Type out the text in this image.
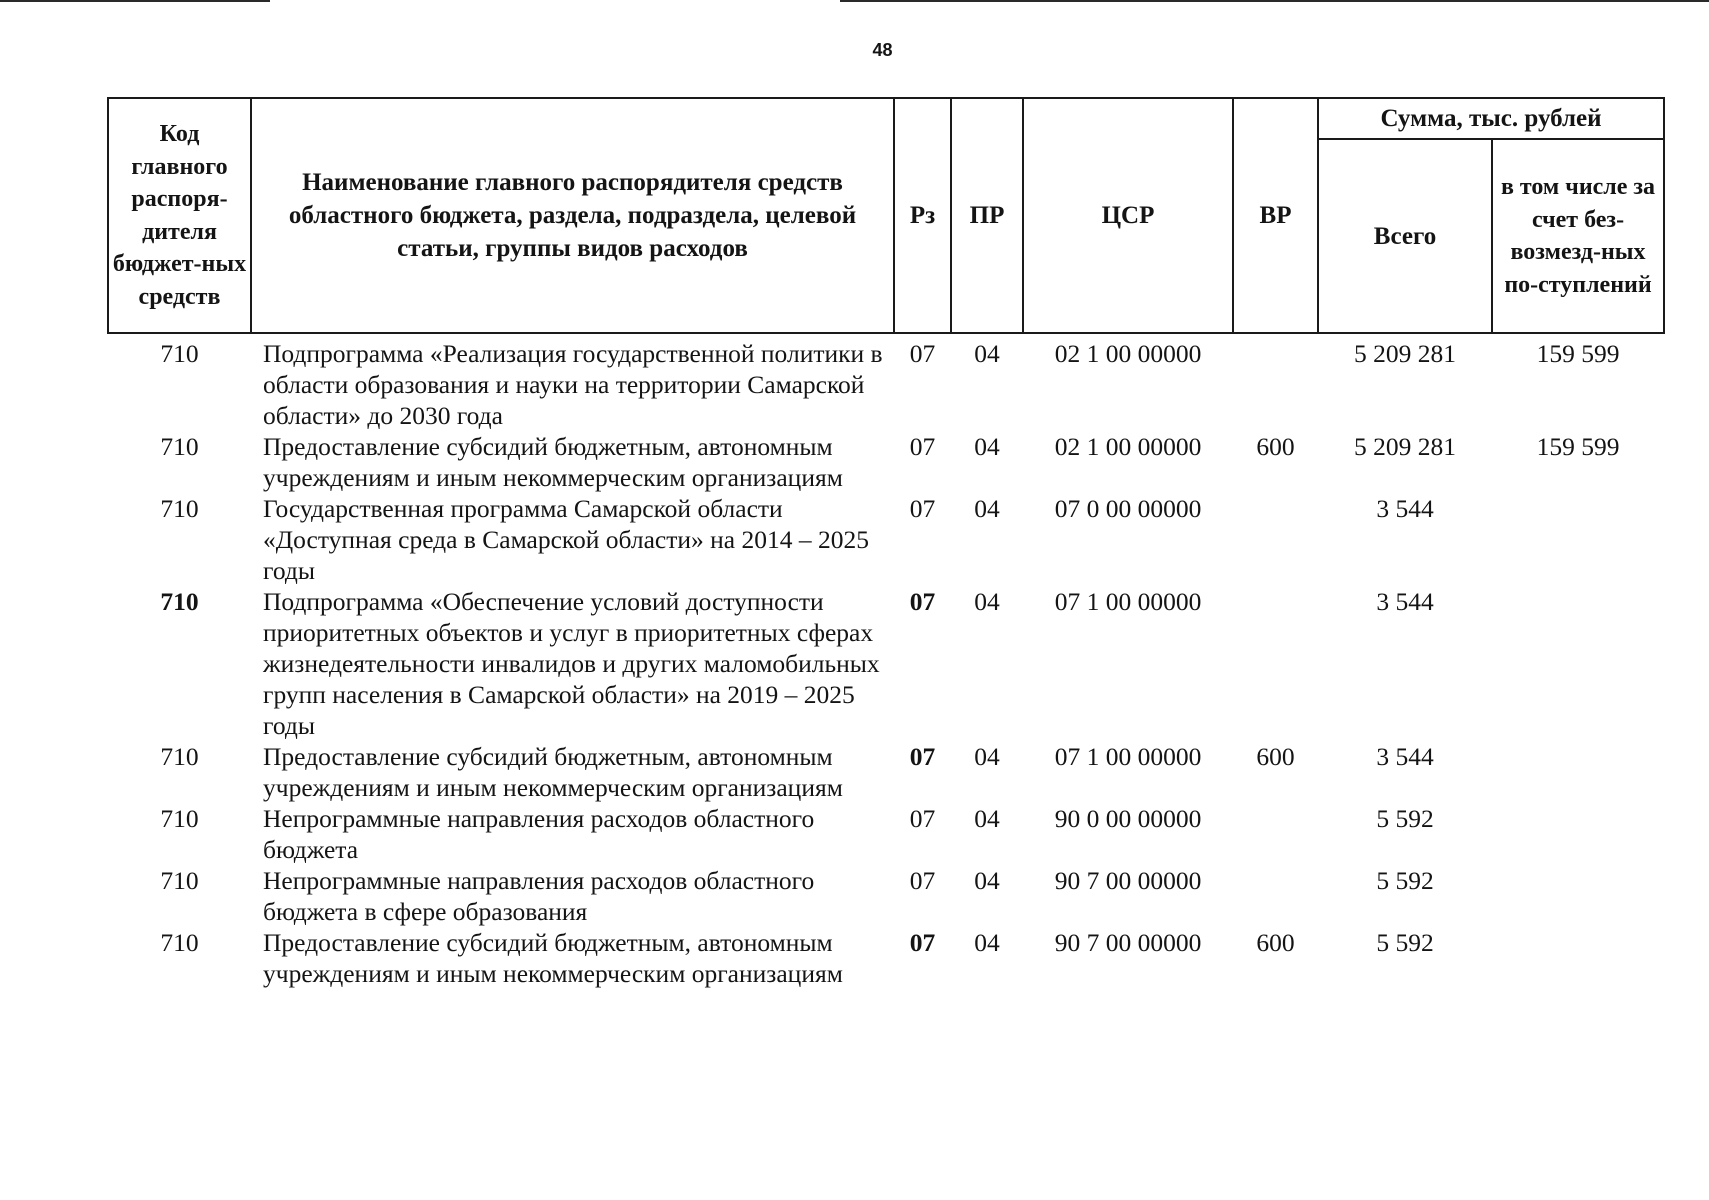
48
Код главного распоря-дителя бюджет-ных средств	Наименование главного распорядителя средств областного бюджета, раздела, подраздела, целевой статьи, группы видов расходов	Рз	ПР	ЦСР	ВР	Сумма, тыс. рублей	
						Всего	в том числе за счет без-возмезд-ных по-ступлений
710	Подпрограмма «Реализация государственной политики в области образования и науки на территории Самарской области» до 2030 года	07	04	02 1 00 00000		5 209 281	159 599
710	Предоставление субсидий бюджетным, автономным учреждениям и иным некоммерческим организациям	07	04	02 1 00 00000	600	5 209 281	159 599
710	Государственная программа Самарской области «Доступная среда в Самарской области» на 2014 – 2025 годы	07	04	07 0 00 00000		3 544	
710	Подпрограмма «Обеспечение условий доступности приоритетных объектов и услуг в приоритетных сферах жизнедеятельности инвалидов и других маломобильных групп населения в Самарской области» на 2019 – 2025 годы	07	04	07 1 00 00000		3 544	
710	Предоставление субсидий бюджетным, автономным учреждениям и иным некоммерческим организациям	07	04	07 1 00 00000	600	3 544	
710	Непрограммные направления расходов областного бюджета	07	04	90 0 00 00000		5 592	
710	Непрограммные направления расходов областного бюджета в сфере образования	07	04	90 7 00 00000		5 592	
710	Предоставление субсидий бюджетным, автономным учреждениям и иным некоммерческим организациям	07	04	90 7 00 00000	600	5 592	
